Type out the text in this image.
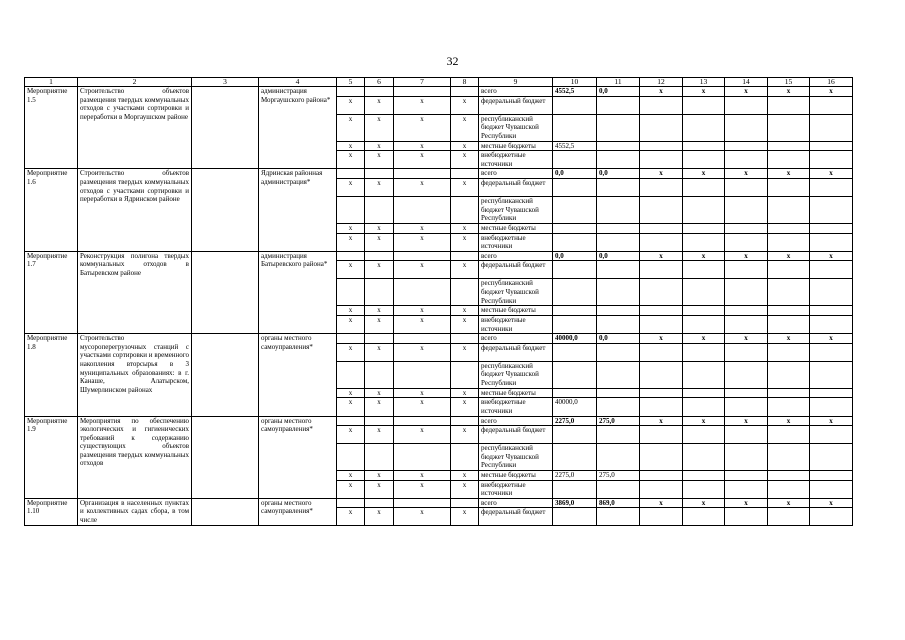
32
1	2	3	4	5	6	7	8	9	10	11	12	13	14	15	16
Мероприятие 1.5	Строительство объектов размещения твердых коммунальных отходов с участками сортировки и переработки в Моргаушском районе		администрация Моргаушского района*					всего	4552,5	0,0	х	х	х	х	х
				х	х	х	х	федеральный бюджет							
				х	х	х	х	республиканский бюджет Чувашской Республики							
				х	х	х	х	местные бюджеты	4552,5						
				х	х	х	х	внебюджетные источники							
Мероприятие 1.6	Строительство объектов размещения твердых коммунальных отходов с участками сортировки и переработки в Ядринском районе		Ядринская районная администрация*					всего	0,0	0,0	х	х	х	х	х
				х	х	х	х	федеральный бюджет							
								республиканский бюджет Чувашской Республики							
				х	х	х	х	местные бюджеты							
				х	х	х	х	внебюджетные источники							
Мероприятие 1.7	Реконструкция полигона твердых коммунальных отходов в Батыревском районе		администрация Батыревского района*					всего	0,0	0,0	х	х	х	х	х
				х	х	х	х	федеральный бюджет							
								республиканский бюджет Чувашской Республики							
				х	х	х	х	местные бюджеты							
				х	х	х	х	внебюджетные источники							
Мероприятие 1.8	Строительство мусороперегрузочных станций с участками сортировки и временного накопления вторсырья в 3 муниципальных образованиях: в г. Канаше, Алатырском, Шумерлинском районах		органы местного самоуправления*					всего	40000,0	0,0	х	х	х	х	х
				х	х	х	х	федеральный бюджет							
								республиканский бюджет Чувашской Республики							
				х	х	х	х	местные бюджеты							
				х	х	х	х	внебюджетные источники	40000,0						
Мероприятие 1.9	Мероприятия по обеспечению экологических и гигиенических требований к содержанию существующих объектов размещения твердых коммунальных отходов		органы местного самоуправления*					всего	2275,0	275,0	х	х	х	х	х
				х	х	х	х	федеральный бюджет							
								республиканский бюджет Чувашской Республики							
				х	х	х	х	местные бюджеты	2275,0	275,0					
				х	х	х	х	внебюджетные источники							
Мероприятие 1.10	Организация в населенных пунктах и коллективных садах сбора, в том числе		органы местного самоуправления*					всего	3869,0	869,0	х	х	х	х	х
				х	х	х	х	федеральный бюджет							
